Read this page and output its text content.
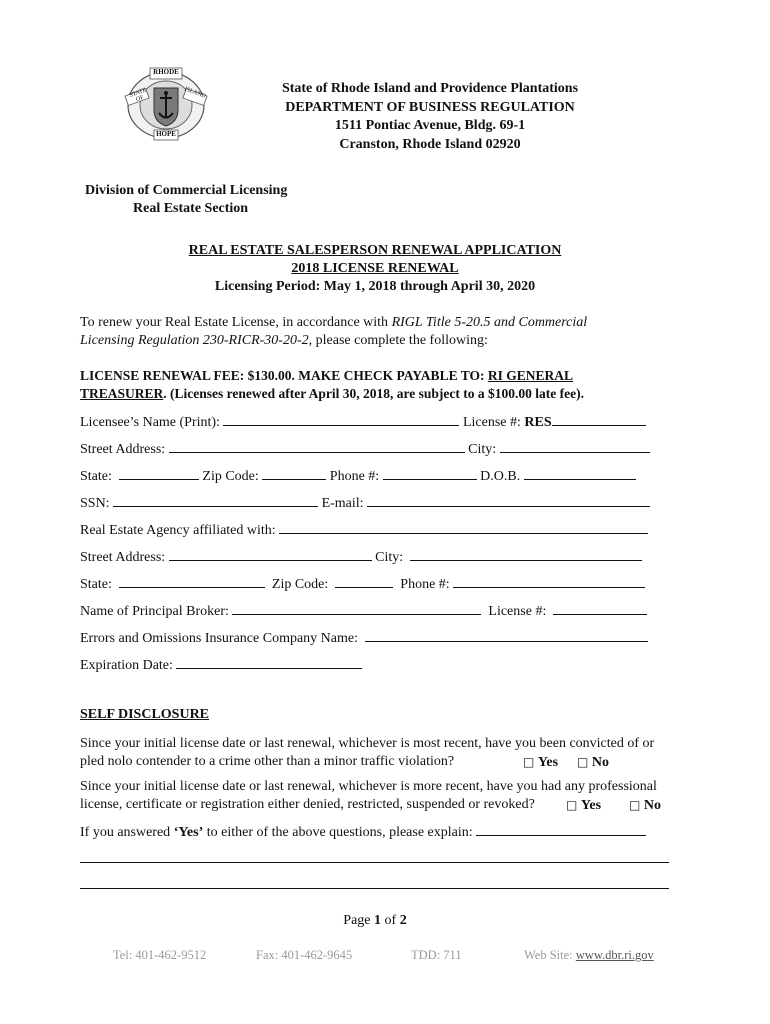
RHODE
STATE OF	ISLAND
HOPE
State of Rhode Island and Providence Plantations
DEPARTMENT OF BUSINESS REGULATION
1511 Pontiac Avenue, Bldg. 69-1
Cranston, Rhode Island 02920
Division of Commercial Licensing
Real Estate Section
REAL ESTATE SALESPERSON RENEWAL APPLICATION
2018 LICENSE RENEWAL
Licensing Period: May 1, 2018 through April 30, 2020
To renew your Real Estate License, in accordance with RIGL Title 5-20.5 and Commercial Licensing Regulation 230-RICR-30-20-2, please complete the following:
LICENSE RENEWAL FEE: $130.00. MAKE CHECK PAYABLE TO: RI GENERAL TREASURER. (Licenses renewed after April 30, 2018, are subject to a $100.00 late fee).
Licensee’s Name (Print):	License #: RES
Street Address:	City:
State:	Zip Code:	Phone #:	D.O.B.
SSN:	E-mail:
Real Estate Agency affiliated with:
Street Address:	City:
State:	Zip Code:	Phone #:
Name of Principal Broker:	License #:
Errors and Omissions Insurance Company Name:
Expiration Date:
SELF DISCLOSURE
Since your initial license date or last renewal, whichever is most recent, have you been convicted of or
pled nolo contender to a crime other than a minor traffic violation?	□ Yes □ No
Since your initial license date or last renewal, whichever is more recent, have you had any professional
license, certificate or registration either denied, restricted, suspended or revoked?	□ Yes □ No
If you answered ‘Yes’ to either of the above questions, please explain:
Page 1 of 2
Tel: 401-462-9512	Fax: 401-462-9645	TDD: 711	Web Site: www.dbr.ri.gov
